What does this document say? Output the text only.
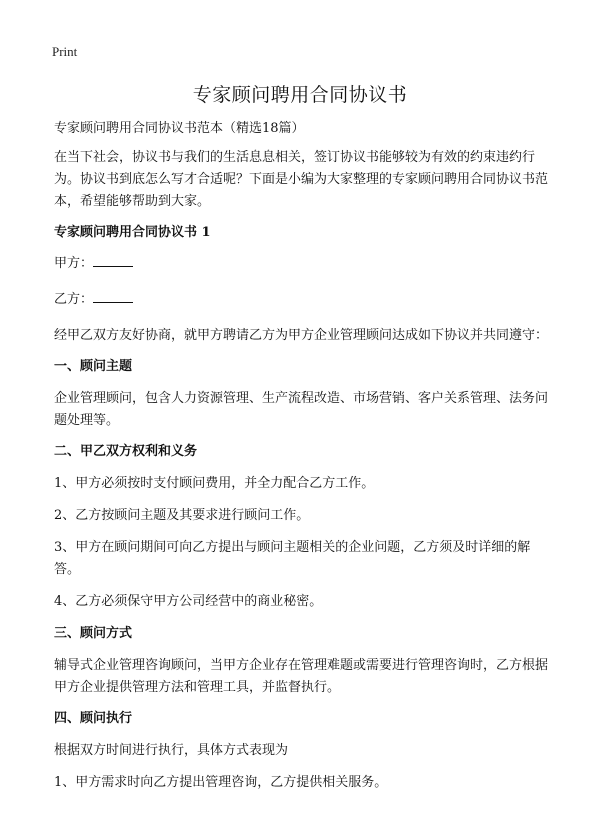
Print
专家顾问聘用合同协议书

专家顾问聘用合同协议书范本（精选18篇）

在当下社会，协议书与我们的生活息息相关，签订协议书能够较为有效的约束违约行为。协议书到底怎么写才合适呢？下面是小编为大家整理的专家顾问聘用合同协议书范本，希望能够帮助到大家。

专家顾问聘用合同协议书 1

甲方：

乙方：

经甲乙双方友好协商，就甲方聘请乙方为甲方企业管理顾问达成如下协议并共同遵守：

一、顾问主题

企业管理顾问，包含人力资源管理、生产流程改造、市场营销、客户关系管理、法务问题处理等。

二、甲乙双方权利和义务

1、甲方必须按时支付顾问费用，并全力配合乙方工作。

2、乙方按顾问主题及其要求进行顾问工作。

3、甲方在顾问期间可向乙方提出与顾问主题相关的企业问题，乙方须及时详细的解答。

4、乙方必须保守甲方公司经营中的商业秘密。

三、顾问方式

辅导式企业管理咨询顾问，当甲方企业存在管理难题或需要进行管理咨询时，乙方根据甲方企业提供管理方法和管理工具，并监督执行。

四、顾问执行

根据双方时间进行执行，具体方式表现为

1、甲方需求时向乙方提出管理咨询，乙方提供相关服务。
